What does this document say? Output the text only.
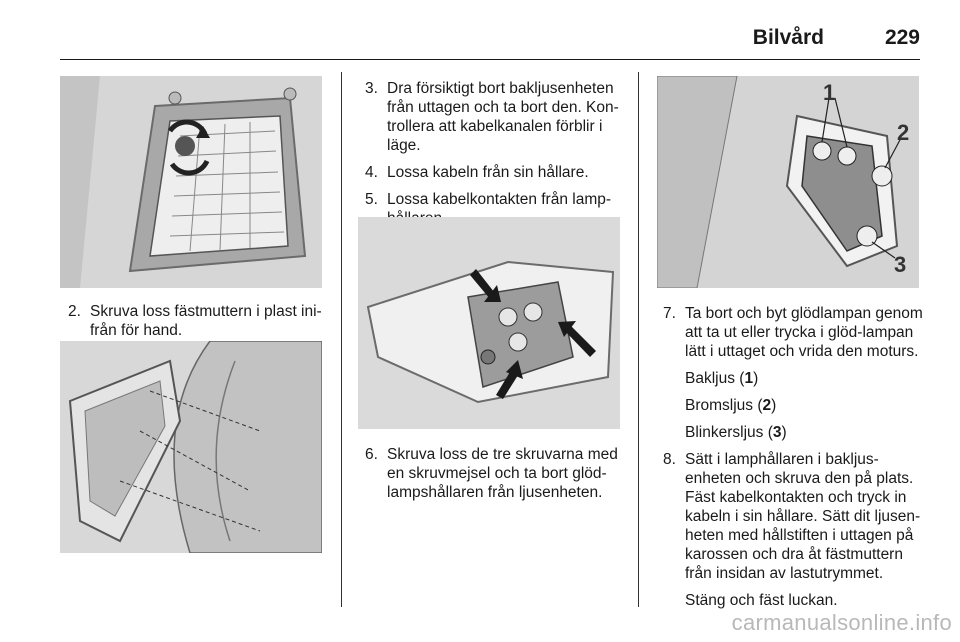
Bilvård	229

2. Skruva loss fästmuttern i plast ini-
från för hand.

3. Dra försiktigt bort bakljusenheten från uttagen och ta bort den. Kon-trollera att kabelkanalen förblir i läge.

4. Lossa kabeln från sin hållare.

5. Lossa kabelkontakten från lamp-

6. Skruva loss de tre skruvarna med en skruvmejsel och ta bort glöd-lampshållaren från ljusenheten.

1
2
3

7. Ta bort och byt glödlampan genom att ta ut eller trycka i glöd-lampan lätt i uttaget och vrida den moturs.

Bakljus (1)

Bromsljus (2)

Blinkersljus (3)

8. Sätt i lamphållaren i bakljus-enheten och skruva den på plats. Fäst kabelkontakten och tryck in kabeln i sin hållare. Sätt dit ljusen-heten med hållstiften i uttagen på karossen och dra åt fästmuttern från insidan av lastutrymmet.

Stäng och fäst luckan.

carmanualsonline.info
